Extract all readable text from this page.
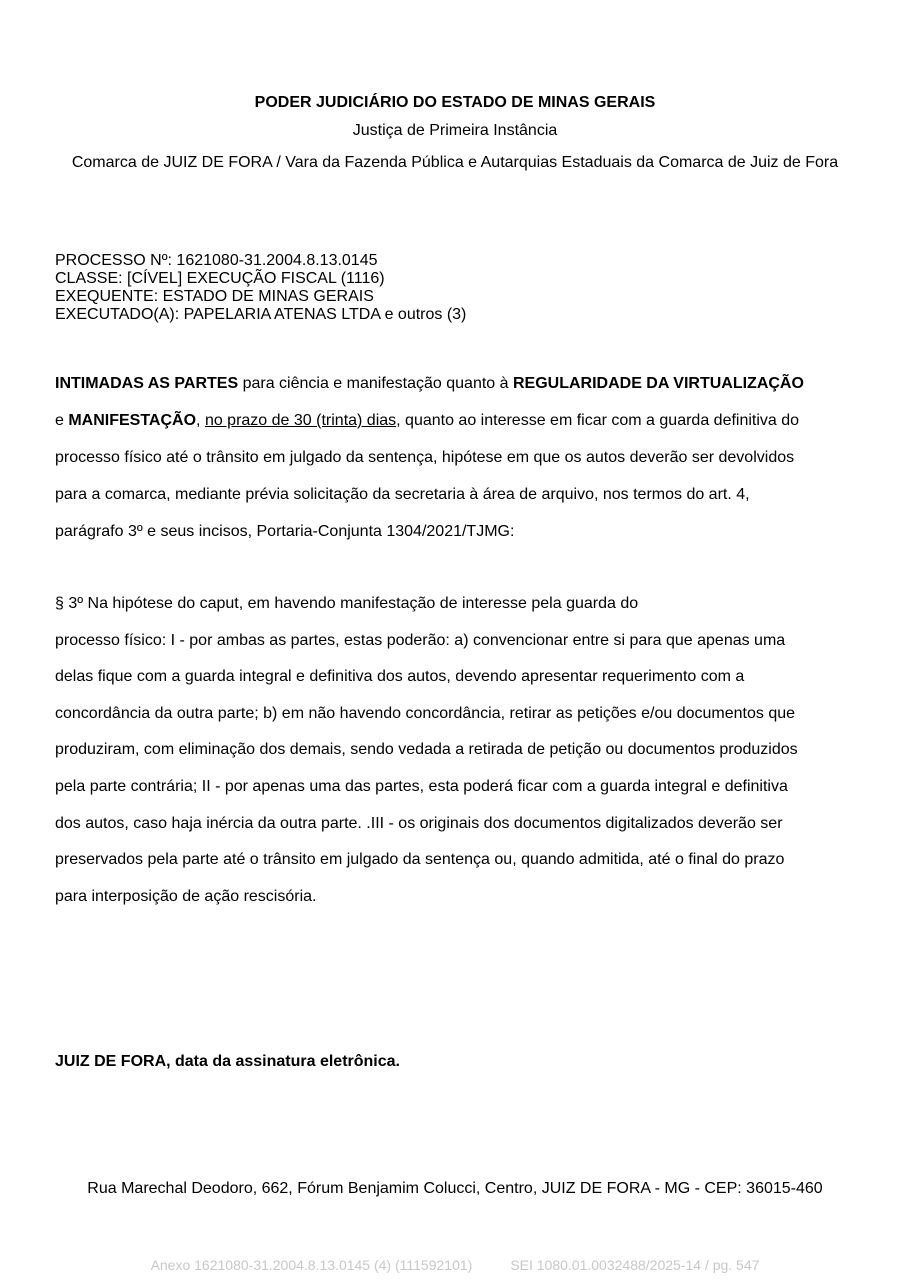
PODER JUDICIÁRIO DO ESTADO DE MINAS GERAIS
Justiça de Primeira Instância
Comarca de JUIZ DE FORA / Vara da Fazenda Pública e Autarquias Estaduais da Comarca de Juiz de Fora
PROCESSO Nº: 1621080-31.2004.8.13.0145
CLASSE: [CÍVEL] EXECUÇÃO FISCAL (1116)
EXEQUENTE: ESTADO DE MINAS GERAIS
EXECUTADO(A): PAPELARIA ATENAS LTDA e outros (3)
INTIMADAS AS PARTES para ciência e manifestação quanto à REGULARIDADE DA VIRTUALIZAÇÃO
e MANIFESTAÇÃO, no prazo de 30 (trinta) dias, quanto ao interesse em ficar com a guarda definitiva do
processo físico até o trânsito em julgado da sentença, hipótese em que os autos deverão ser devolvidos
para a comarca, mediante prévia solicitação da secretaria à área de arquivo, nos termos do art. 4,
parágrafo 3º e seus incisos, Portaria-Conjunta 1304/2021/TJMG:
§ 3º Na hipótese do caput, em havendo manifestação de interesse pela guarda do
processo físico: I - por ambas as partes, estas poderão: a) convencionar entre si para que apenas uma
delas fique com a guarda integral e definitiva dos autos, devendo apresentar requerimento com a
concordância da outra parte; b) em não havendo concordância, retirar as petições e/ou documentos que
produziram, com eliminação dos demais, sendo vedada a retirada de petição ou documentos produzidos
pela parte contrária; II - por apenas uma das partes, esta poderá ficar com a guarda integral e definitiva
dos autos, caso haja inércia da outra parte. .III - os originais dos documentos digitalizados deverão ser
preservados pela parte até o trânsito em julgado da sentença ou, quando admitida, até o final do prazo
para interposição de ação rescisória.
JUIZ DE FORA, data da assinatura eletrônica.
Rua Marechal Deodoro, 662, Fórum Benjamim Colucci, Centro, JUIZ DE FORA - MG - CEP: 36015-460
Anexo 1621080-31.2004.8.13.0145 (4) (111592101)	SEI 1080.01.0032488/2025-14 / pg. 547
